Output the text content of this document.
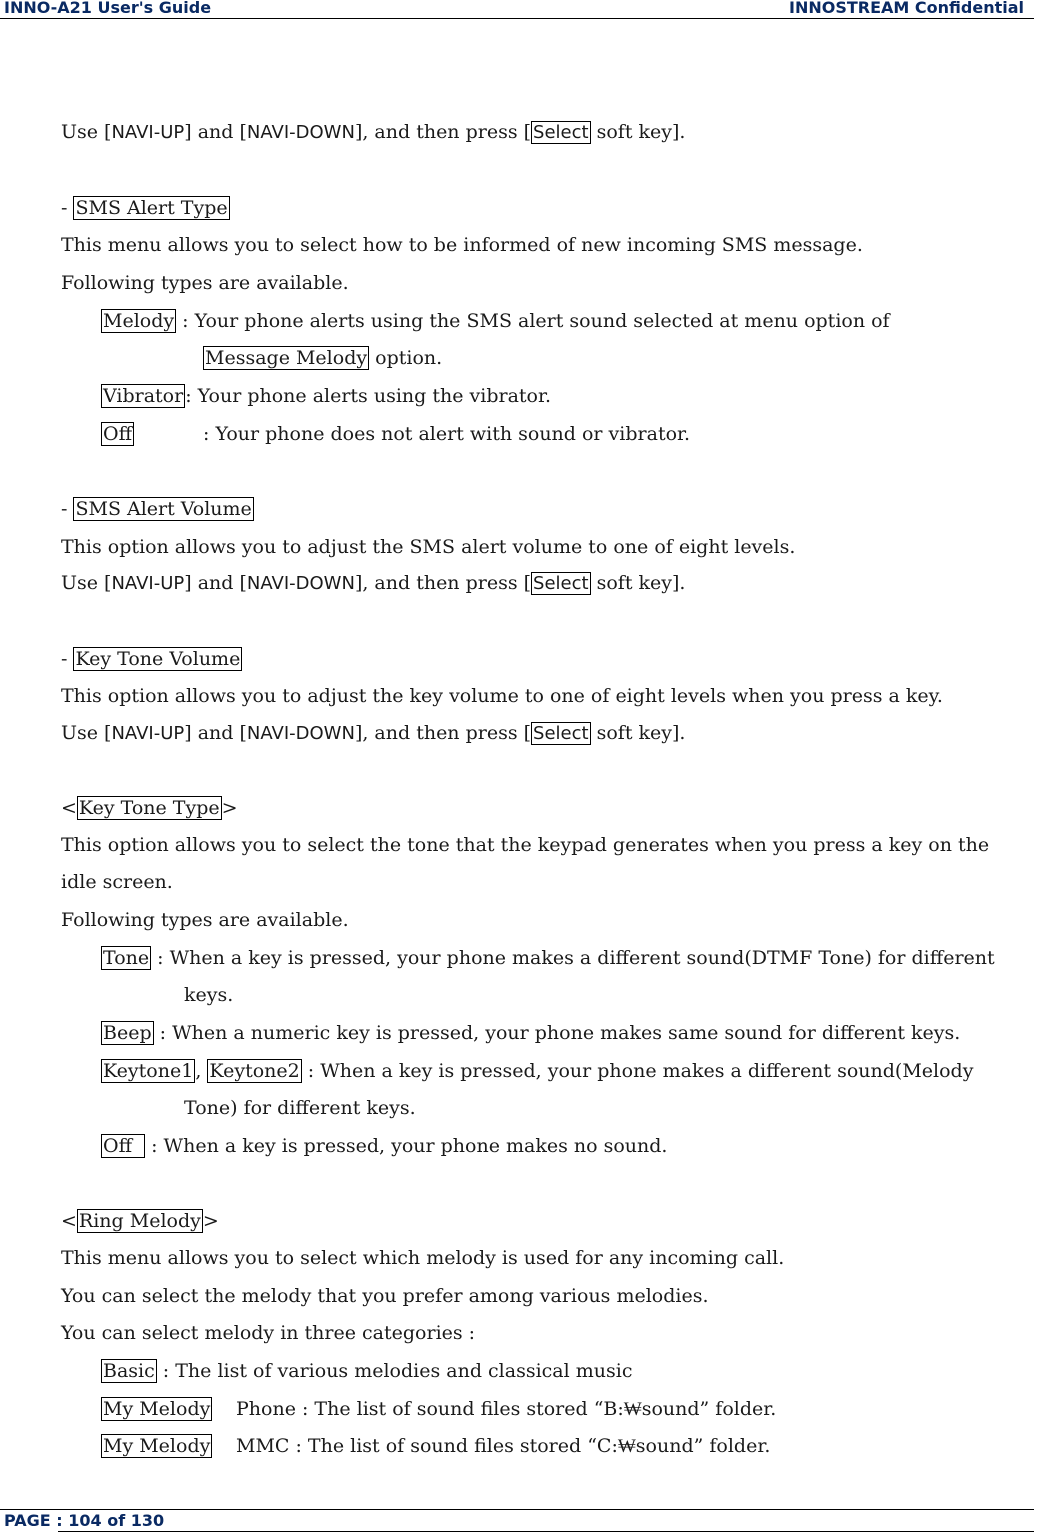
INNO-A21 User's Guide	INNOSTREAM Confidential
Use [NAVI-UP] and [NAVI-DOWN], and then press [ Select soft key].
- SMS Alert Type
This menu allows you to select how to be informed of new incoming SMS message.
Following types are available.
Melody : Your phone alerts using the SMS alert sound selected at menu option of
Message Melody option.
Vibrator : Your phone alerts using the vibrator.
Off	: Your phone does not alert with sound or vibrator.
- SMS Alert Volume
This option allows you to adjust the SMS alert volume to one of eight levels.
Use [NAVI-UP] and [NAVI-DOWN], and then press [ Select soft key].
- Key Tone Volume
This option allows you to adjust the key volume to one of eight levels when you press a key.
Use [NAVI-UP] and [NAVI-DOWN], and then press [ Select soft key].
< Key Tone Type >
This option allows you to select the tone that the keypad generates when you press a key on the
idle screen.
Following types are available.
Tone : When a key is pressed, your phone makes a different sound(DTMF Tone) for different
keys.
Beep : When a numeric key is pressed, your phone makes same sound for different keys.
Keytone1 , Keytone2 : When a key is pressed, your phone makes a different sound(Melody
Tone) for different keys.
Off : When a key is pressed, your phone makes no sound.
< Ring Melody >
This menu allows you to select which melody is used for any incoming call.
You can select the melody that you prefer among various melodies.
You can select melody in three categories :
Basic : The list of various melodies and classical music
My Melody Phone : The list of sound files stored “B:₩sound” folder.
My Melody MMC : The list of sound files stored “C:₩sound” folder.
PAGE : 104 of 130
